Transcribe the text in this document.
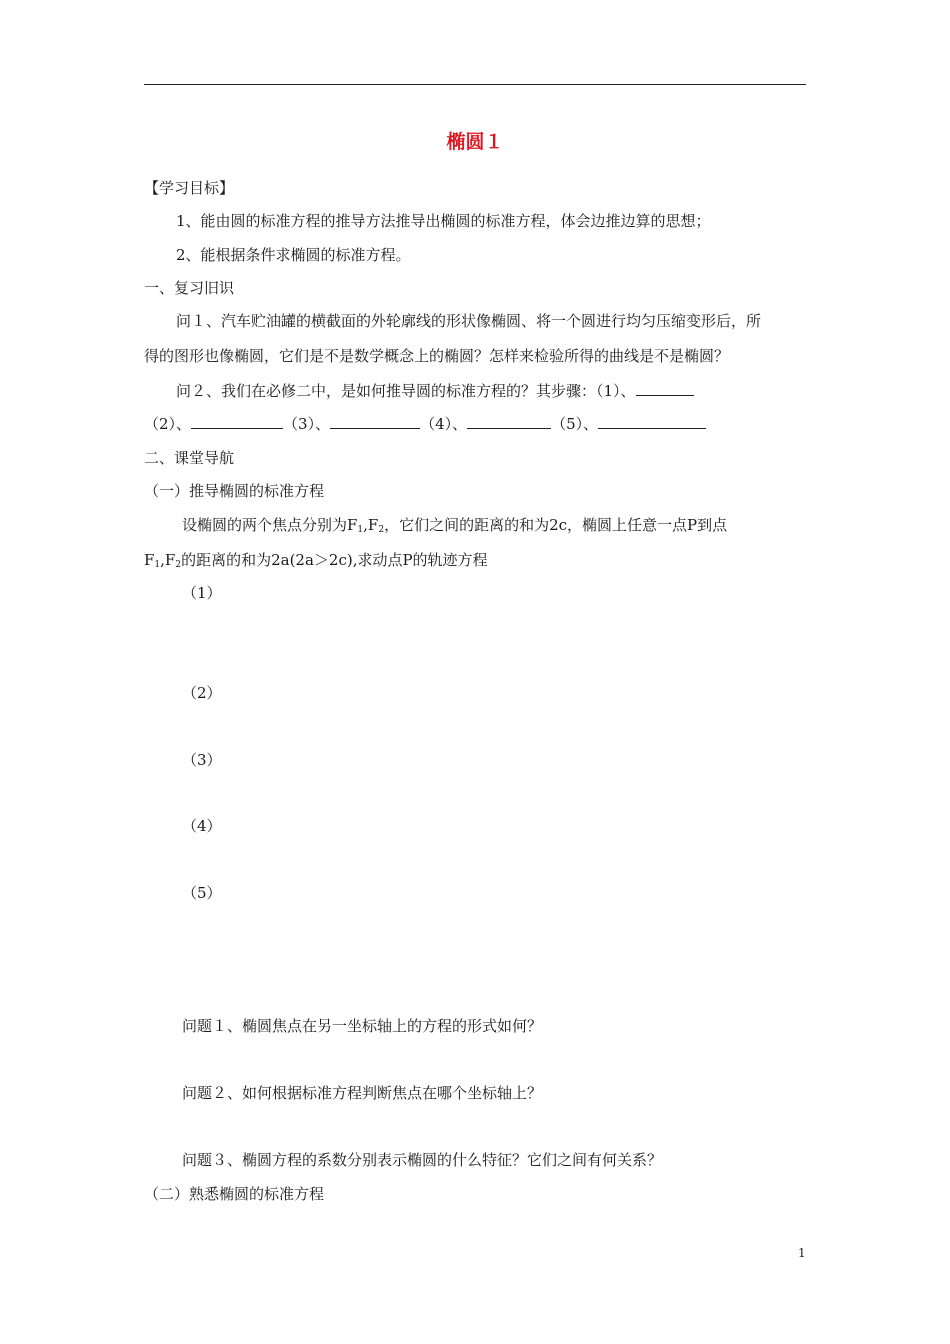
椭圆１
【学习目标】
1、能由圆的标准方程的推导方法推导出椭圆的标准方程，体会边推边算的思想；
2、能根据条件求椭圆的标准方程。
一、复习旧识
问１、汽车贮油罐的横截面的外轮廓线的形状像椭圆、将一个圆进行均匀压缩变形后，所
得的图形也像椭圆，它们是不是数学概念上的椭圆？怎样来检验所得的曲线是不是椭圆？
问２、我们在必修二中，是如何推导圆的标准方程的？其步骤：（1）、
（2）、	（3）、	（4）、	（5）、
二、课堂导航
（一）推导椭圆的标准方程
设椭圆的两个焦点分别为$F_1,F_2$，它们之间的距离的和为2c，椭圆上任意一点P到点
$F_1,F_2$的距离的和为2a(2a＞2c),求动点P的轨迹方程
（1）
（2）
（3）
（4）
（5）
问题１、椭圆焦点在另一坐标轴上的方程的形式如何？
问题２、如何根据标准方程判断焦点在哪个坐标轴上？
问题３、椭圆方程的系数分别表示椭圆的什么特征？它们之间有何关系？
（二）熟悉椭圆的标准方程
1
